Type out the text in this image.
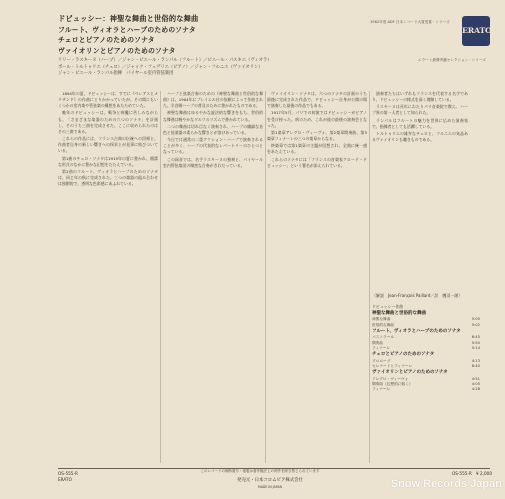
ドビュッシー：神聖な舞曲と世俗的な舞曲
フルート、ヴィオラとハープのためのソナタ
チェロとピアノのためのソナタ
ヴァイオリンとピアノのためのソナタ
リリー・ラスキーヌ（ハープ）／ジャン・ピエール・ランパル（フルート）／ピエール・パスキエ（ヴィオラ）
ポール・トルトゥリエ（チェロ）／ジャック・フェヴリエ（ピアノ）／ジャン・フルニエ（ヴァイオリン）
ジャン・ピエール・ランパル指揮　パイヤール室内管弦楽団
1962年度 ADF 日本レコード大賞受賞・シリーズ
エラート最優秀盤セレクション・シリーズ
ERATO

1894年の夏、ドビュッシーは、すでに《ペレアスとメリザンド》の作曲にとりかかっていたが、その間にもいくつかの室内楽や管弦楽の構想をあたためていた。

晩年のドビュッシーは、戦争と病魔に苦しみながらも、「さまざまな楽器のための六つのソナタ」を計画し、そのうち三曲を完成させた。ここに収められたのはその三曲である。

これらの作品には、フランス古典の伝統への回帰と、作曲者自身の新しい響きへの探求とが見事に結びついている。

第1曲のチェロ・ソナタは1915年の夏に書かれ、簡潔な形式のなかに豊かな幻想をたたえている。

第2曲のフルート、ヴィオラとハープのためのソナタは、同じ年の秋に完成された。三つの楽器の組み合わせは独創的で、透明な色彩感にあふれている。

ハープと弦楽合奏のための《神聖な舞曲と世俗的な舞曲》は、1904年にプレイエル社の依頼によって作曲された。半音階ハープの普及のために書かれたものである。

神聖な舞曲はゆるやかな旋法的な響きをもち、世俗的な舞曲は軽やかなワルツのリズムで書かれている。

二つの舞曲は切れ目なく演奏され、ハープの繊細な音色と弦楽器の柔らかな響きとが溶けあっている。

今日では通常の二重アクション・ハープで演奏されることが多く、ハープの代表的なレパートリーのひとつとなっている。

この録音では、名手ラスキーヌの独奏と、パイヤール室内管弦楽団の緻密な合奏がきわだっている。

ヴァイオリン・ソナタは、六つのソナタの計画のうち最後に完成された作品で、ドビュッシー自身が公開の場で演奏した最後の作品でもある。

1917年5月、パリでの初演ではドビュッシーがピアノを受け持った。病のため、これが彼の最後の演奏会となった。

第1楽章アレグロ・ヴィーヴォ、第2楽章間奏曲、第3楽章フィナーレの三つの楽章からなる。

終楽章では第1楽章の主題が回想され、全曲に統一感をあたえている。

これらのソナタには「フランスの音楽家クロード・ドビュッシー」という署名が添えられている。

演奏者たちはいずれもフランスを代表する名手であり、ドビュッシーの様式を深く理解している。

ラスキーヌは長年にわたりパリ音楽院で教え、ハープ界の第一人者として知られた。

ランパルはフルートの魅力を世界に広めた演奏家で、指揮者としても活躍している。

トルトゥリエの雄弁なチェロと、フルニエの気品あるヴァイオリンも聴きものである。

（解説　Jean-François Paillard／訳　鷹羽一朗）
ドビュッシー作曲
神聖な舞曲と世俗的な舞曲
神聖な舞曲	5:00
世俗的な舞曲	5:02
フルート、ヴィオラとハープのためのソナタ
パストラール	6:45
間奏曲	5:50
フィナーレ	5:14
チェロとピアノのためのソナタ
プロローグ	4:13
セレナードとフィナーレ	6:40
ヴァイオリンとピアノのためのソナタ
アレグロ・ヴィーヴォ	4:51
間奏曲（幻想的に軽く）	4:05
フィナーレ	4:28
OS-555-R
ERATO
このレコードの無断複写・複製は著作権法上の例外を除き禁じられています
発売元・日本コロムビア株式会社
MADE IN JAPAN
OS-555-R　¥ 2,000
Snow Records Japan
